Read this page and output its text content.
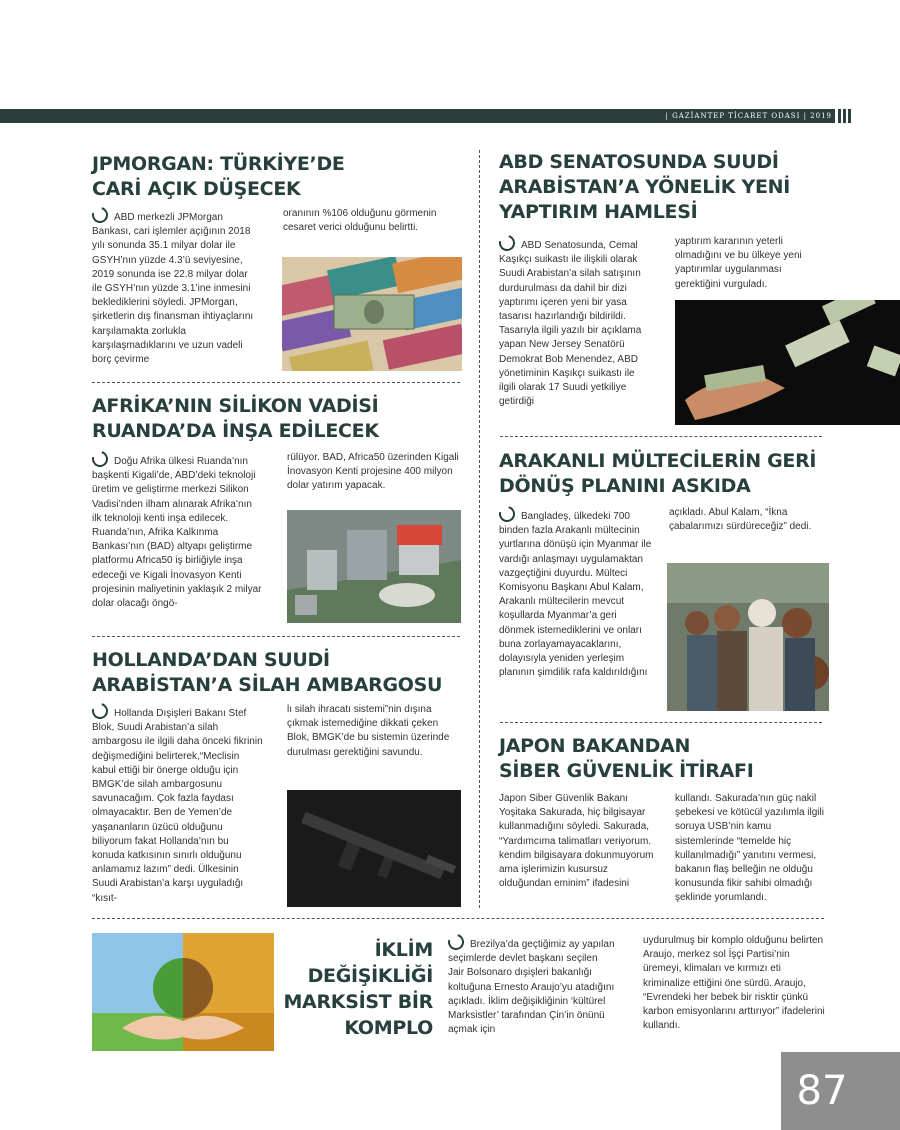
| GAZİANTEP TİCARET ODASI | 2019
JPMORGAN: TÜRKİYE’DE
CARİ AÇIK DÜŞECEK

ABD merkezli JPMorgan Bankası, cari işlemler açığının 2018 yılı sonunda 35.1 milyar dolar ile GSYH’nın yüzde 4.3’ü seviyesine, 2019 sonunda ise 22.8 milyar dolar ile GSYH’nın yüzde 3.1’ine inmesini beklediklerini söyledi. JPMorgan, şirketlerin dış finansman ihtiyaçlarını karşılamakta zorlukla karşılaşmadıklarını ve uzun vadeli borç çevirme

oranının %106 olduğunu görmenin cesaret verici olduğunu belirtti.

AFRİKA’NIN SİLİKON VADİSİ
RUANDA’DA İNŞA EDİLECEK

Doğu Afrika ülkesi Ruanda’nın başkenti Kigali’de, ABD’deki teknoloji üretim ve geliştirme merkezi Silikon Vadisi’nden ilham alınarak Afrika’nın ilk teknoloji kenti inşa edilecek. Ruanda’nın, Afrika Kalkınma Bankası’nın (BAD) altyapı geliştirme platformu Africa50 iş birliğiyle inşa edeceği ve Kigali İnovasyon Kenti projesinin maliyetinin yaklaşık 2 milyar dolar olacağı öngö-

rülüyor. BAD, Africa50 üzerinden Kigali İnovasyon Kenti projesine 400 milyon dolar yatırım yapacak.

HOLLANDA’DAN SUUDİ
ARABİSTAN’A SİLAH AMBARGOSU

Hollanda Dışişleri Bakanı Stef Blok, Suudi Arabistan’a silah ambargosu ile ilgili daha önceki fikrinin değişmediğini belirterek,“Meclisin kabul ettiği bir önerge olduğu için BMGK’de silah ambargosunu savunacağım. Çok fazla faydası olmayacaktır. Ben de Yemen’de yaşananların üzücü olduğunu biliyorum fakat Hollanda’nın bu konuda katkısının sınırlı olduğunu anlamamız lazım” dedi. Ülkesinin Suudi Arabistan’a karşı uyguladığı “kısıt-

lı silah ihracatı sistemi”nin dışına çıkmak istemediğine dikkati çeken Blok, BMGK’de bu sistemin üzerinde durulması gerektiğini savundu.

ABD SENATOSUNDA SUUDİ
ARABİSTAN’A YÖNELİK YENİ
YAPTIRIM HAMLESİ

ABD Senatosunda, Cemal Kaşıkçı suikastı ile ilişkili olarak Suudi Arabistan’a silah satışının durdurulması da dahil bir dizi yaptırımı içeren yeni bir yasa tasarısı hazırlandığı bildirildi. Tasarıyla ilgili yazılı bir açıklama yapan New Jersey Senatörü Demokrat Bob Menendez, ABD yönetiminin Kaşıkçı suikastı ile ilgili olarak 17 Suudi yetkiliye getirdiği

yaptırım kararının yeterli olmadığını ve bu ülkeye yeni yaptırımlar uygulanması gerektiğini vurguladı.

ARAKANLI MÜLTECİLERİN GERİ
DÖNÜŞ PLANINI ASKIDA

Bangladeş, ülkedeki 700 binden fazla Arakanlı mültecinin yurtlarına dönüşü için Myanmar ile vardığı anlaşmayı uygulamaktan vazgeçtiğini duyurdu. Mülteci Komisyonu Başkanı Abul Kalam, Arakanlı mültecilerin mevcut koşullarda Myanmar’a geri dönmek istemediklerini ve onları buna zorlayamayacaklarını, dolayısıyla yeniden yerleşim planının şimdilik rafa kaldırıldığını

açıkladı. Abul Kalam, “İkna çabalarımızı sürdüreceğiz” dedi.

JAPON BAKANDAN
SİBER GÜVENLİK İTİRAFI

Japon Siber Güvenlik Bakanı Yoşitaka Sakurada, hiç bilgisayar kullanmadığını söyledi. Sakurada, “Yardımcıma talimatları veriyorum. kendim bilgisayara dokunmuyorum ama işlerimizin kusursuz olduğundan eminim” ifadesini

kullandı. Sakurada’nın güç nakil şebekesi ve kötücül yazılımla ilgili soruya USB’nin kamu sistemlerinde “temelde hiç kullanılmadığı” yanıtını vermesi, bakanın flaş belleğin ne olduğu konusunda fikir sahibi olmadığı şeklinde yorumlandı.

İKLİM
DEĞİŞİKLİĞİ
MARKSİST BİR
KOMPLO

Brezilya’da geçtiğimiz ay yapılan seçimlerde devlet başkanı seçilen Jair Bolsonaro dışişleri bakanlığı koltuğuna Ernesto Araujo’yu atadığını açıkladı. İklim değişikliğinin ‘kültürel Marksistler’ tarafından Çin’in önünü açmak için

uydurulmuş bir komplo olduğunu belirten Araujo, merkez sol İşçi Partisi’nin üremeyi, klimaları ve kırmızı eti kriminalize ettiğini öne sürdü. Araujo, “Evrendeki her bebek bir risktir çünkü karbon emisyonlarını arttırıyor” ifadelerini kullandı.

87
